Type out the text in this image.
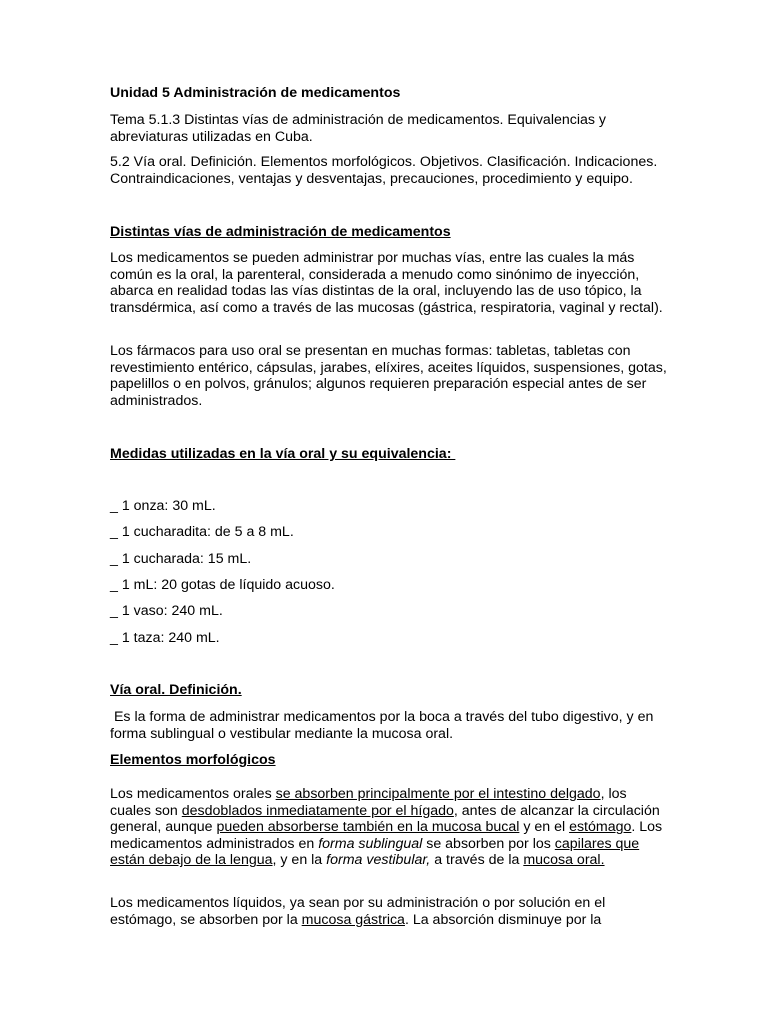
Unidad 5 Administración de medicamentos

Tema 5.1.3 Distintas vías de administración de medicamentos. Equivalencias y abreviaturas utilizadas en Cuba.

5.2 Vía oral. Definición. Elementos morfológicos. Objetivos. Clasificación. Indicaciones. Contraindicaciones, ventajas y desventajas, precauciones, procedimiento y equipo.

Distintas vías de administración de medicamentos

Los medicamentos se pueden administrar por muchas vías, entre las cuales la más común es la oral, la parenteral, considerada a menudo como sinónimo de inyección, abarca en realidad todas las vías distintas de la oral, incluyendo las de uso tópico, la transdérmica, así como a través de las mucosas (gástrica, respiratoria, vaginal y rectal).

Los fármacos para uso oral se presentan en muchas formas: tabletas, tabletas con revestimiento entérico, cápsulas, jarabes, elíxires, aceites líquidos, suspensiones, gotas, papelillos o en polvos, gránulos; algunos requieren preparación especial antes de ser administrados.

Medidas utilizadas en la vía oral y su equivalencia:

_ 1 onza: 30 mL.

_ 1 cucharadita: de 5 a 8 mL.

_ 1 cucharada: 15 mL.

_ 1 mL: 20 gotas de líquido acuoso.

_ 1 vaso: 240 mL.

_ 1 taza: 240 mL.

Vía oral. Definición.

Es la forma de administrar medicamentos por la boca a través del tubo digestivo, y en forma sublingual o vestibular mediante la mucosa oral.

Elementos morfológicos

Los medicamentos orales se absorben principalmente por el intestino delgado, los cuales son desdoblados inmediatamente por el hígado, antes de alcanzar la circulación general, aunque pueden absorberse también en la mucosa bucal y en el estómago. Los medicamentos administrados en forma sublingual se absorben por los capilares que están debajo de la lengua, y en la forma vestibular, a través de la mucosa oral.

Los medicamentos líquidos, ya sean por su administración o por solución en el estómago, se absorben por la mucosa gástrica. La absorción disminuye por la
